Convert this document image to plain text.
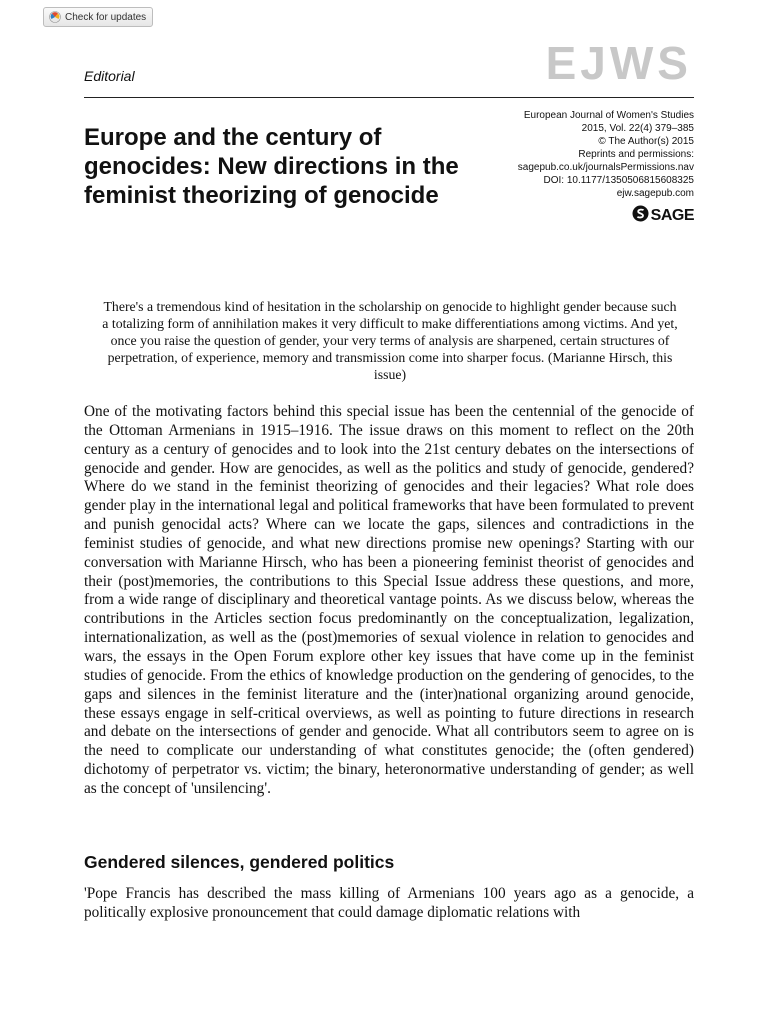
Check for updates
Editorial	EJWS
Europe and the century of genocides: New directions in the feminist theorizing of genocide
European Journal of Women's Studies
2015, Vol. 22(4) 379–385
© The Author(s) 2015
Reprints and permissions:
sagepub.co.uk/journalsPermissions.nav
DOI: 10.1177/1350506815608325
ejw.sagepub.com
SAGE

There's a tremendous kind of hesitation in the scholarship on genocide to highlight gender because such a totalizing form of annihilation makes it very difficult to make differentiations among victims. And yet, once you raise the question of gender, your very terms of analysis are sharpened, certain structures of perpetration, of experience, memory and transmission come into sharper focus. (Marianne Hirsch, this issue)

One of the motivating factors behind this special issue has been the centennial of the genocide of the Ottoman Armenians in 1915–1916. The issue draws on this moment to reflect on the 20th century as a century of genocides and to look into the 21st century debates on the intersections of genocide and gender. How are genocides, as well as the politics and study of genocide, gendered? Where do we stand in the feminist theorizing of genocides and their legacies? What role does gender play in the international legal and political frameworks that have been formulated to prevent and punish genocidal acts? Where can we locate the gaps, silences and contradictions in the feminist studies of genocide, and what new directions promise new openings? Starting with our conversation with Marianne Hirsch, who has been a pioneering feminist theorist of genocides and their (post)memories, the contributions to this Special Issue address these questions, and more, from a wide range of disciplinary and theoretical vantage points. As we discuss below, whereas the contributions in the Articles section focus predominantly on the conceptualization, legalization, internationalization, as well as the (post)memories of sexual violence in relation to genocides and wars, the essays in the Open Forum explore other key issues that have come up in the feminist studies of genocide. From the ethics of knowledge production on the gendering of genocides, to the gaps and silences in the feminist literature and the (inter)national organizing around genocide, these essays engage in self-critical overviews, as well as pointing to future directions in research and debate on the intersections of gender and genocide. What all contributors seem to agree on is the need to complicate our understanding of what constitutes genocide; the (often gendered) dichotomy of perpetrator vs. victim; the binary, heteronormative understanding of gender; as well as the concept of 'unsilencing'.

Gendered silences, gendered politics

'Pope Francis has described the mass killing of Armenians 100 years ago as a genocide, a politically explosive pronouncement that could damage diplomatic relations with
